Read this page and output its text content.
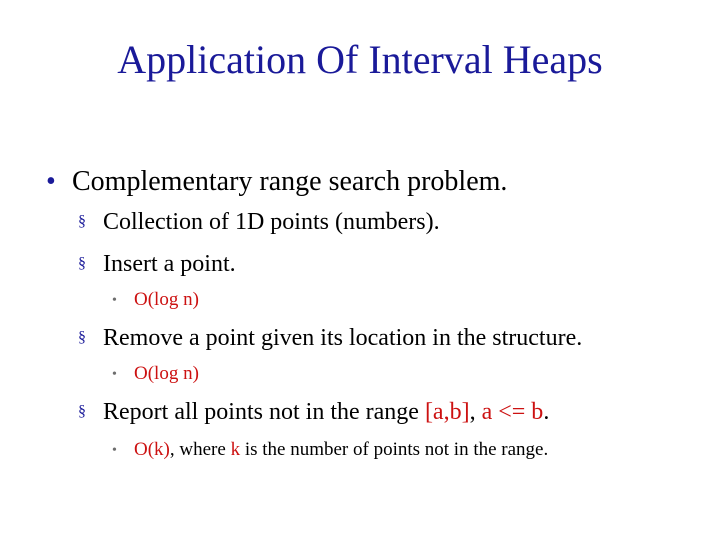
Application Of Interval Heaps
• Complementary range search problem.
§ Collection of 1D points (numbers).
§ Insert a point.
• O(log n)
§ Remove a point given its location in the structure.
• O(log n)
§ Report all points not in the range [a,b], a <= b.
• O(k), where k is the number of points not in the range.
